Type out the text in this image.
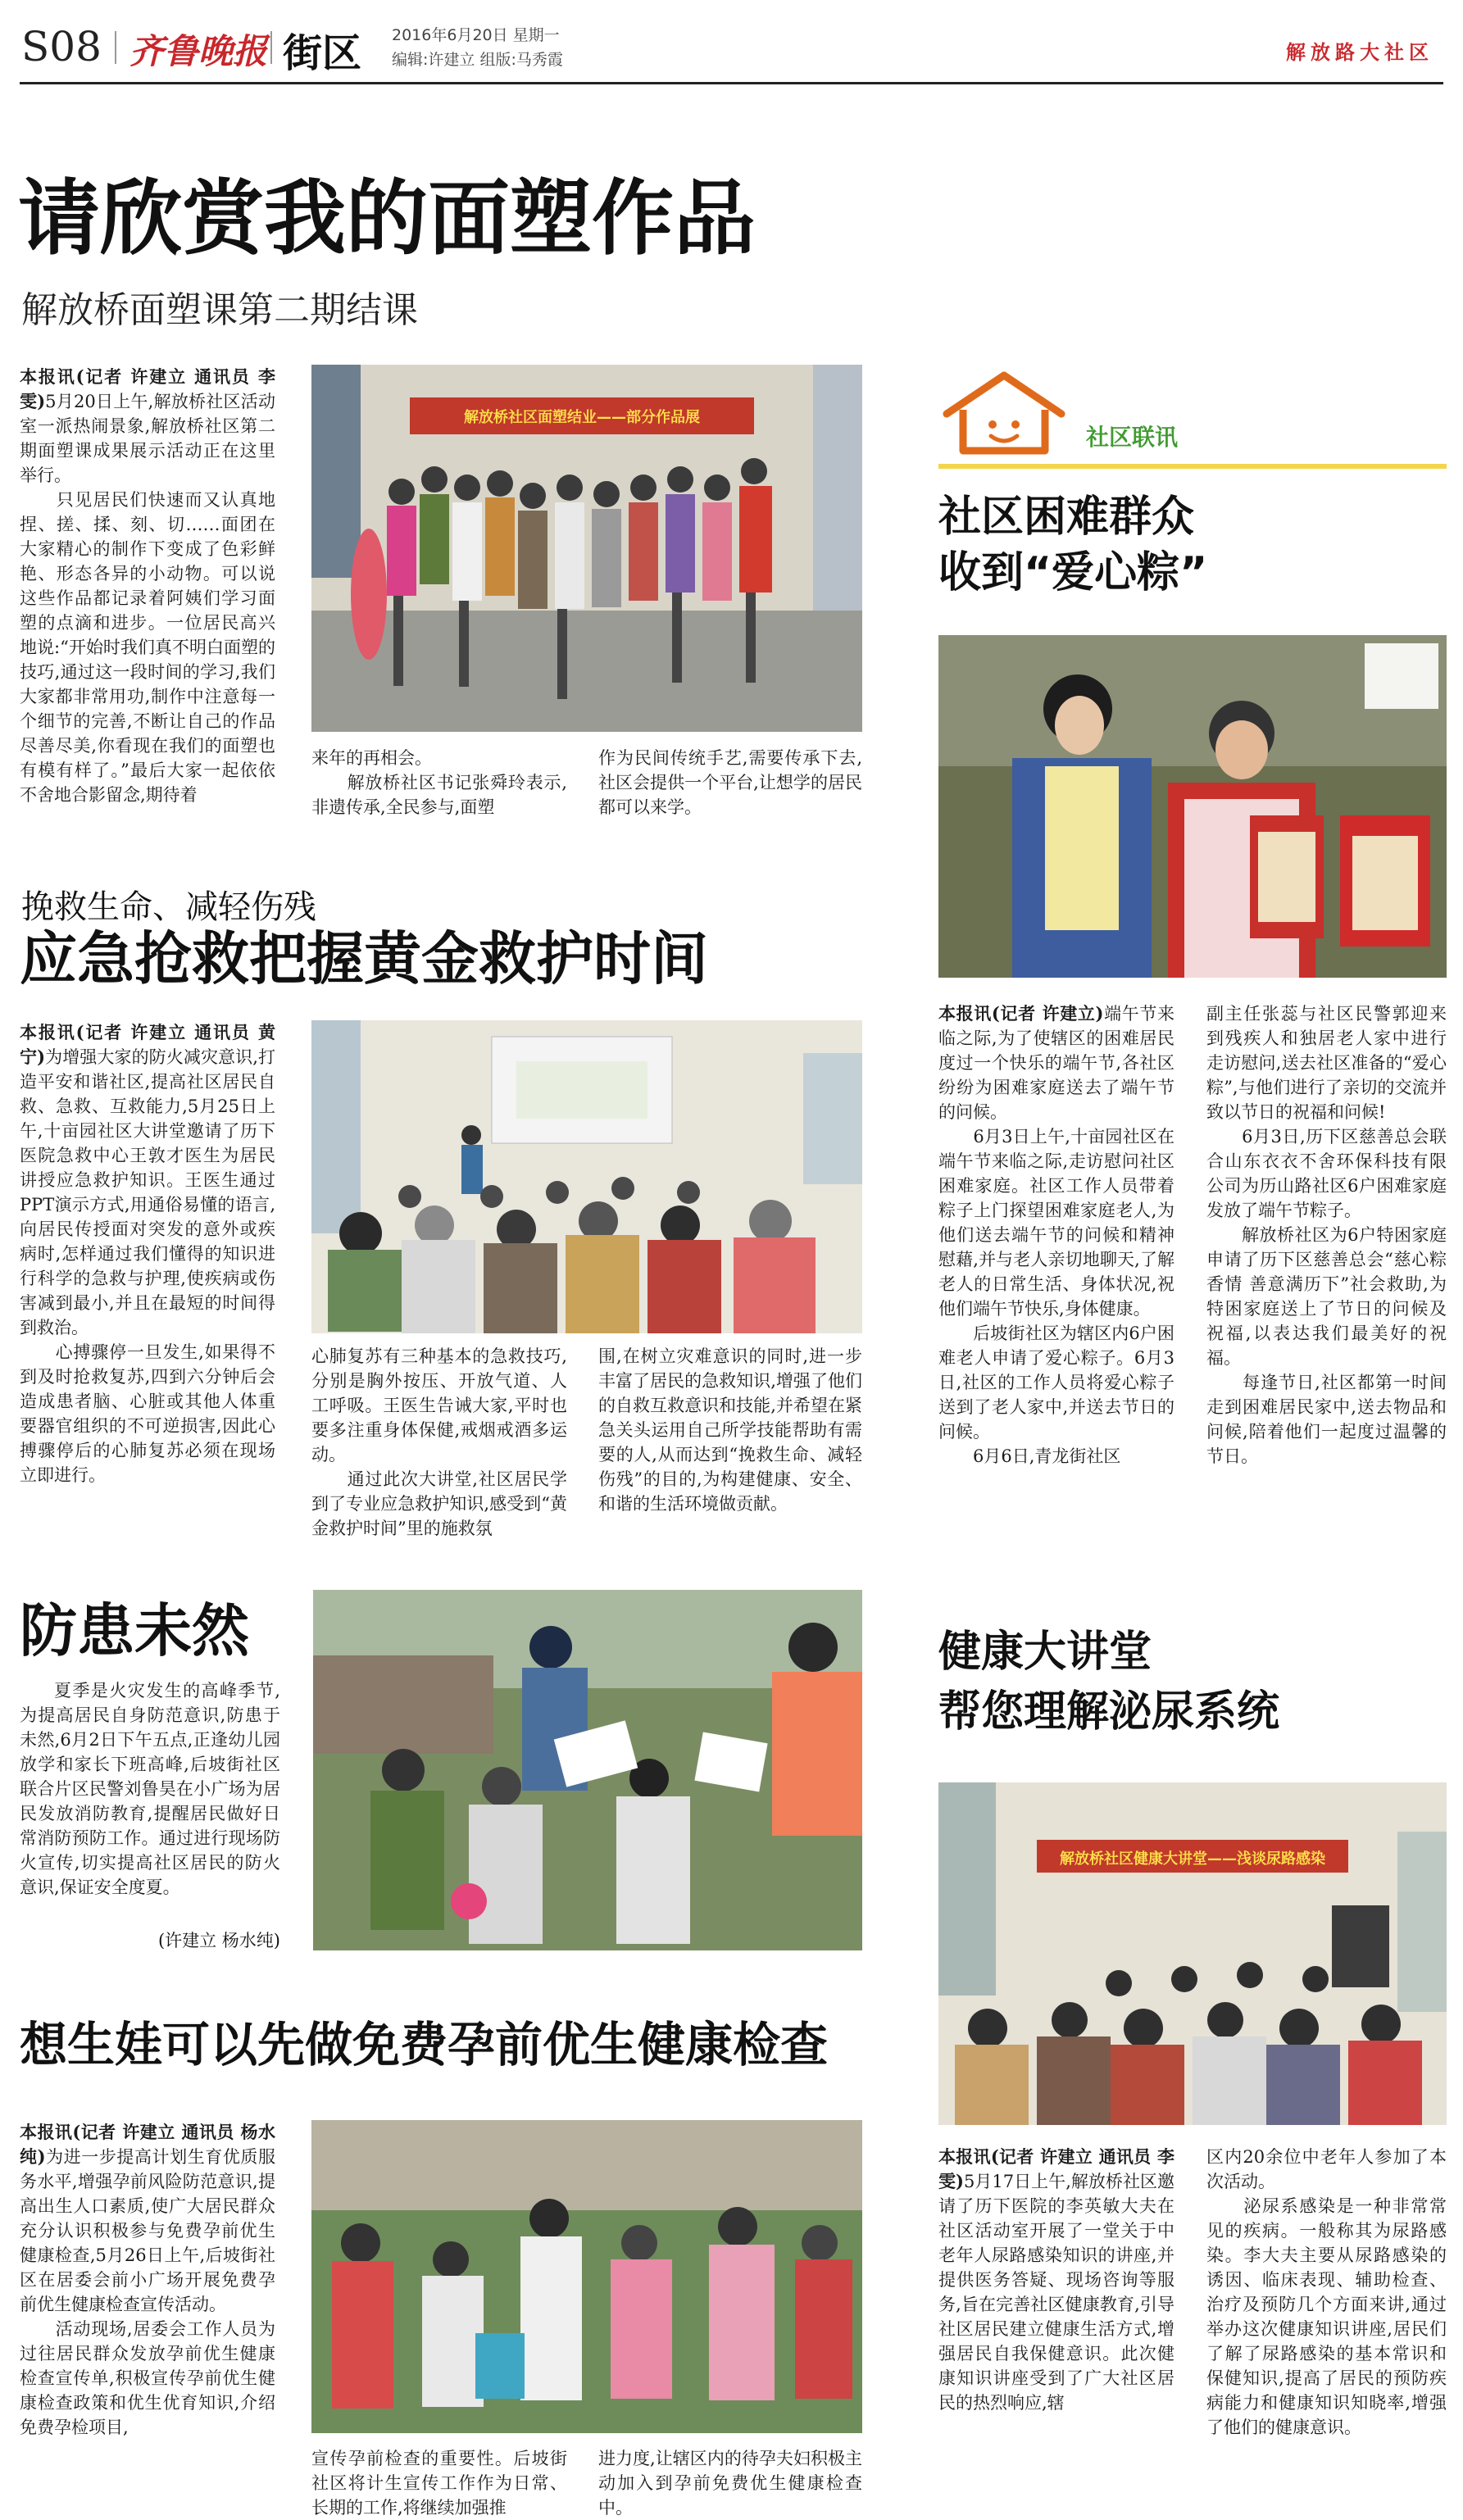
S08 齐鲁晚报 街区 2016年6月20日 星期一
编辑:许建立 组版:马秀霞	解放路大社区
请欣赏我的面塑作品
解放桥面塑课第二期结课
本报讯(记者 许建立 通讯员 李雯)5月20日上午,解放桥社区活动室一派热闹景象,解放桥社区第二期面塑课成果展示活动正在这里举行。
　　只见居民们快速而又认真地捏、搓、揉、刻、切……面团在大家精心的制作下变成了色彩鲜艳、形态各异的小动物。可以说这些作品都记录着阿姨们学习面塑的点滴和进步。一位居民高兴地说:“开始时我们真不明白面塑的技巧,通过这一段时间的学习,我们大家都非常用功,制作中注意每一个细节的完善,不断让自己的作品尽善尽美,你看现在我们的面塑也有模有样了。”最后大家一起依依不舍地合影留念,期待着
解放桥社区面塑结业——部分作品展
来年的再相会。
　　解放桥社区书记张舜玲表示,非遗传承,全民参与,面塑
作为民间传统手艺,需要传承下去,社区会提供一个平台,让想学的居民都可以来学。
挽救生命、减轻伤残
应急抢救把握黄金救护时间
本报讯(记者 许建立 通讯员 黄宁)为增强大家的防火减灾意识,打造平安和谐社区,提高社区居民自救、急救、互救能力,5月25日上午,十亩园社区大讲堂邀请了历下医院急救中心王敦才医生为居民讲授应急救护知识。王医生通过PPT演示方式,用通俗易懂的语言,向居民传授面对突发的意外或疾病时,怎样通过我们懂得的知识进行科学的急救与护理,使疾病或伤害减到最小,并且在最短的时间得到救治。
　　心搏骤停一旦发生,如果得不到及时抢救复苏,四到六分钟后会造成患者脑、心脏或其他人体重要器官组织的不可逆损害,因此心搏骤停后的心肺复苏必须在现场立即进行。
心肺复苏有三种基本的急救技巧,分别是胸外按压、开放气道、人工呼吸。王医生告诫大家,平时也要多注重身体保健,戒烟戒酒多运动。
　　通过此次大讲堂,社区居民学到了专业应急救护知识,感受到“黄金救护时间”里的施救氛
围,在树立灾难意识的同时,进一步丰富了居民的急救知识,增强了他们的自救互救意识和技能,并希望在紧急关头运用自己所学技能帮助有需要的人,从而达到“挽救生命、减轻伤残”的目的,为构建健康、安全、和谐的生活环境做贡献。
防患未然
夏季是火灾发生的高峰季节,为提高居民自身防范意识,防患于未然,6月2日下午五点,正逢幼儿园放学和家长下班高峰,后坡街社区联合片区民警刘鲁昊在小广场为居民发放消防教育,提醒居民做好日常消防预防工作。通过进行现场防火宣传,切实提高社区居民的防火意识,保证安全度夏。
(许建立 杨水纯)
想生娃可以先做免费孕前优生健康检查
本报讯(记者 许建立 通讯员 杨水纯)为进一步提高计划生育优质服务水平,增强孕前风险防范意识,提高出生人口素质,使广大居民群众充分认识积极参与免费孕前优生健康检查,5月26日上午,后坡街社区在居委会前小广场开展免费孕前优生健康检查宣传活动。
　　活动现场,居委会工作人员为过往居民群众发放孕前优生健康检查宣传单,积极宣传孕前优生健康检查政策和优生优育知识,介绍免费孕检项目,
宣传孕前检查的重要性。后坡街社区将计生宣传工作作为日常、长期的工作,将继续加强推
进力度,让辖区内的待孕夫妇积极主动加入到孕前免费优生健康检查中。
社区联讯
社区困难群众
收到“爱心粽”
本报讯(记者 许建立)端午节来临之际,为了使辖区的困难居民度过一个快乐的端午节,各社区纷纷为困难家庭送去了端午节的问候。
　　6月3日上午,十亩园社区在端午节来临之际,走访慰问社区困难家庭。社区工作人员带着粽子上门探望困难家庭老人,为他们送去端午节的问候和精神慰藉,并与老人亲切地聊天,了解老人的日常生活、身体状况,祝他们端午节快乐,身体健康。
　　后坡街社区为辖区内6户困难老人申请了爱心粽子。6月3日,社区的工作人员将爱心粽子送到了老人家中,并送去节日的问候。
　　6月6日,青龙街社区
副主任张蕊与社区民警郭迎来到残疾人和独居老人家中进行走访慰问,送去社区准备的“爱心粽”,与他们进行了亲切的交流并致以节日的祝福和问候!
　　6月3日,历下区慈善总会联合山东衣衣不舍环保科技有限公司为历山路社区6户困难家庭发放了端午节粽子。
　　解放桥社区为6户特困家庭申请了历下区慈善总会“慈心粽香情 善意满历下”社会救助,为特困家庭送上了节日的问候及祝福,以表达我们最美好的祝福。
　　每逢节日,社区都第一时间走到困难居民家中,送去物品和问候,陪着他们一起度过温馨的节日。
健康大讲堂
帮您理解泌尿系统
解放桥社区健康大讲堂——浅谈尿路感染
本报讯(记者 许建立 通讯员 李雯)5月17日上午,解放桥社区邀请了历下医院的李英敏大夫在社区活动室开展了一堂关于中老年人尿路感染知识的讲座,并提供医务答疑、现场咨询等服务,旨在完善社区健康教育,引导社区居民建立健康生活方式,增强居民自我保健意识。此次健康知识讲座受到了广大社区居民的热烈响应,辖
区内20余位中老年人参加了本次活动。
　　泌尿系感染是一种非常常见的疾病。一般称其为尿路感染。李大夫主要从尿路感染的诱因、临床表现、辅助检查、治疗及预防几个方面来讲,通过举办这次健康知识讲座,居民们了解了尿路感染的基本常识和保健知识,提高了居民的预防疾病能力和健康知识知晓率,增强了他们的健康意识。
